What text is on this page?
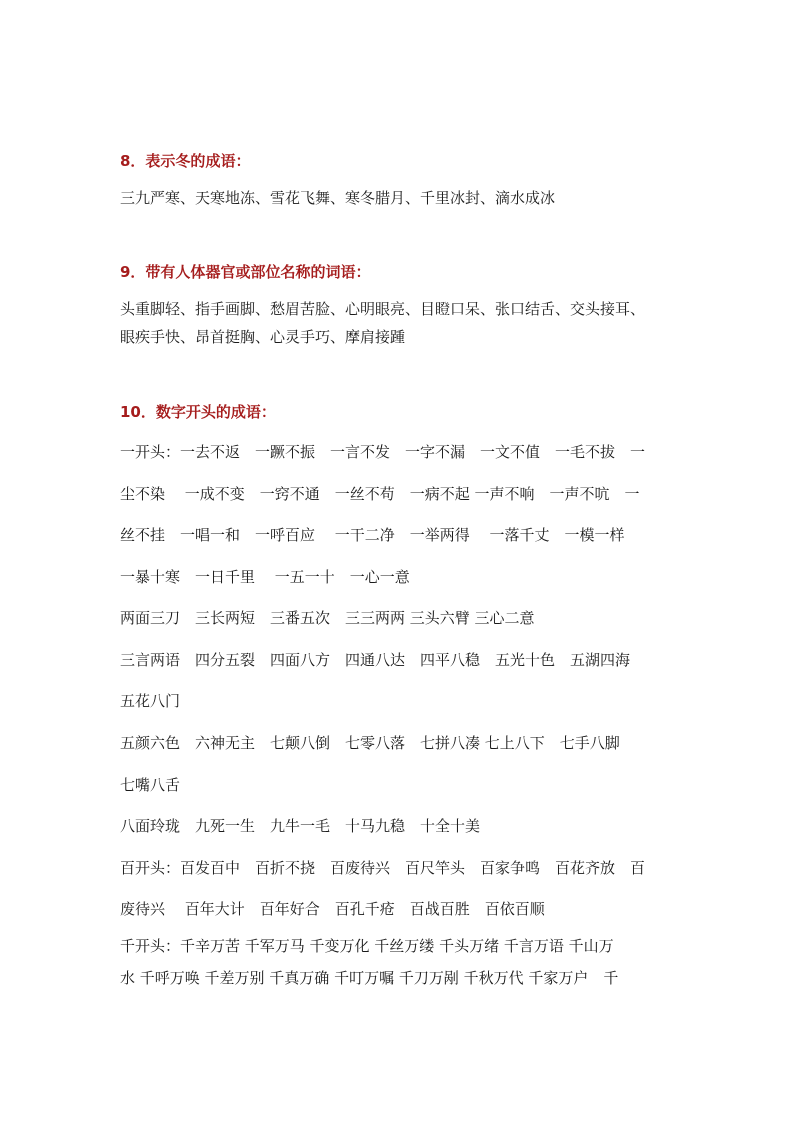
8．表示冬的成语：

三九严寒、天寒地冻、雪花飞舞、寒冬腊月、千里冰封、滴水成冰

9．带有人体器官或部位名称的词语：

头重脚轻、指手画脚、愁眉苦脸、心明眼亮、目瞪口呆、张口结舌、交头接耳、

眼疾手快、昂首挺胸、心灵手巧、摩肩接踵

10．数字开头的成语：

一开头：一去不返　一蹶不振　一言不发　一字不漏　一文不值　一毛不拔　一

尘不染　 一成不变　一窍不通　一丝不苟　一病不起 一声不响　一声不吭　一

丝不挂　一唱一和　一呼百应　 一干二净　一举两得　 一落千丈　一模一样

一暴十寒　一日千里　 一五一十　一心一意

两面三刀　三长两短　三番五次　三三两两 三头六臂 三心二意

三言两语　四分五裂　四面八方　四通八达　四平八稳　五光十色　五湖四海

五花八门

五颜六色　六神无主　七颠八倒　七零八落　七拼八凑 七上八下　七手八脚

七嘴八舌

八面玲珑　九死一生　九牛一毛　十马九稳　十全十美

百开头：百发百中　百折不挠　百废待兴　百尺竿头　百家争鸣　百花齐放　百

废待兴　 百年大计　百年好合　百孔千疮　百战百胜　百依百顺

千开头：千辛万苦 千军万马 千变万化 千丝万缕 千头万绪 千言万语 千山万

水 千呼万唤 千差万别 千真万确 千叮万嘱 千刀万剐 千秋万代 千家万户　千
